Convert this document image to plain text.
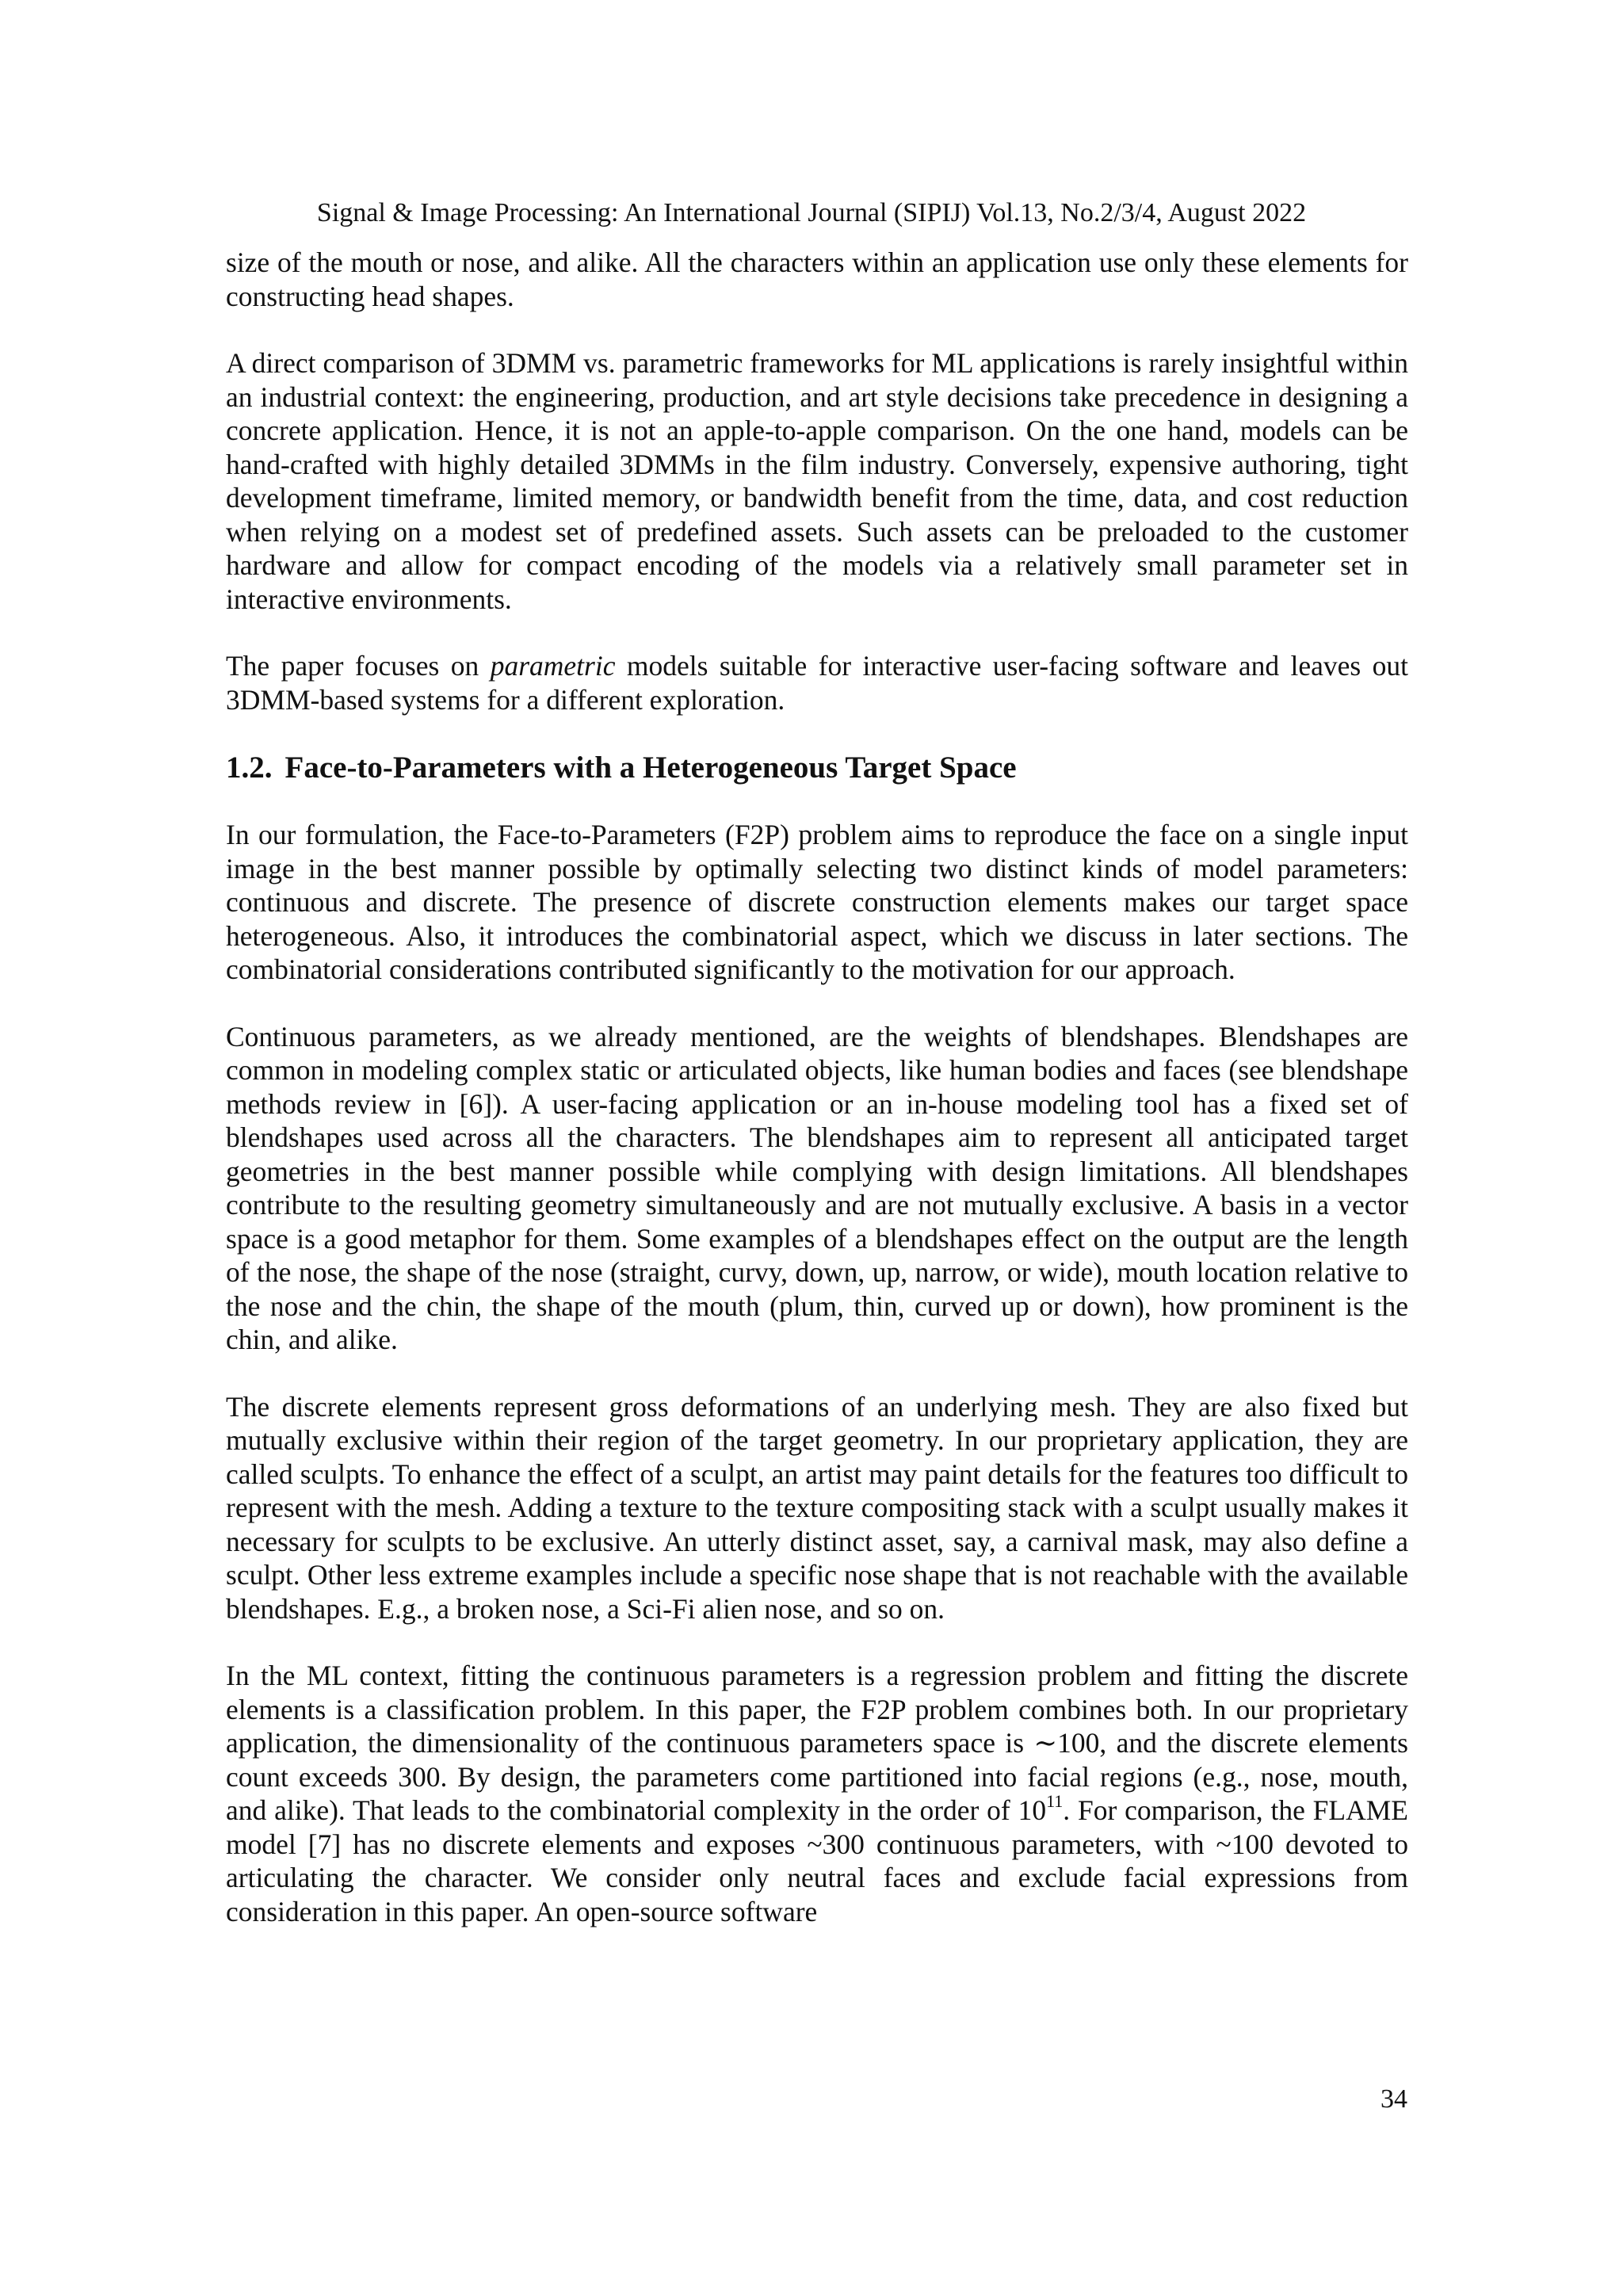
Signal & Image Processing: An International Journal (SIPIJ) Vol.13, No.2/3/4, August 2022

size of the mouth or nose, and alike. All the characters within an application use only these elements for constructing head shapes.

A direct comparison of 3DMM vs. parametric frameworks for ML applications is rarely insightful within an industrial context: the engineering, production, and art style decisions take precedence in designing a concrete application. Hence, it is not an apple-to-apple comparison. On the one hand, models can be hand-crafted with highly detailed 3DMMs in the film industry. Conversely, expensive authoring, tight development timeframe, limited memory, or bandwidth benefit from the time, data, and cost reduction when relying on a modest set of predefined assets. Such assets can be preloaded to the customer hardware and allow for compact encoding of the models via a relatively small parameter set in interactive environments.

The paper focuses on parametric models suitable for interactive user-facing software and leaves out 3DMM-based systems for a different exploration.

1.2. Face-to-Parameters with a Heterogeneous Target Space

In our formulation, the Face-to-Parameters (F2P) problem aims to reproduce the face on a single input image in the best manner possible by optimally selecting two distinct kinds of model parameters: continuous and discrete. The presence of discrete construction elements makes our target space heterogeneous. Also, it introduces the combinatorial aspect, which we discuss in later sections. The combinatorial considerations contributed significantly to the motivation for our approach.

Continuous parameters, as we already mentioned, are the weights of blendshapes. Blendshapes are common in modeling complex static or articulated objects, like human bodies and faces (see blendshape methods review in [6]). A user-facing application or an in-house modeling tool has a fixed set of blendshapes used across all the characters. The blendshapes aim to represent all anticipated target geometries in the best manner possible while complying with design limitations. All blendshapes contribute to the resulting geometry simultaneously and are not mutually exclusive. A basis in a vector space is a good metaphor for them. Some examples of a blendshapes effect on the output are the length of the nose, the shape of the nose (straight, curvy, down, up, narrow, or wide), mouth location relative to the nose and the chin, the shape of the mouth (plum, thin, curved up or down), how prominent is the chin, and alike.

The discrete elements represent gross deformations of an underlying mesh. They are also fixed but mutually exclusive within their region of the target geometry. In our proprietary application, they are called sculpts. To enhance the effect of a sculpt, an artist may paint details for the features too difficult to represent with the mesh. Adding a texture to the texture compositing stack with a sculpt usually makes it necessary for sculpts to be exclusive. An utterly distinct asset, say, a carnival mask, may also define a sculpt. Other less extreme examples include a specific nose shape that is not reachable with the available blendshapes. E.g., a broken nose, a Sci-Fi alien nose, and so on.

In the ML context, fitting the continuous parameters is a regression problem and fitting the discrete elements is a classification problem. In this paper, the F2P problem combines both. In our proprietary application, the dimensionality of the continuous parameters space is ∼100, and the discrete elements count exceeds 300. By design, the parameters come partitioned into facial regions (e.g., nose, mouth, and alike). That leads to the combinatorial complexity in the order of $10^{11}$. For comparison, the FLAME model [7] has no discrete elements and exposes ~300 continuous parameters, with ~100 devoted to articulating the character. We consider only neutral faces and exclude facial expressions from consideration in this paper. An open-source software

34
